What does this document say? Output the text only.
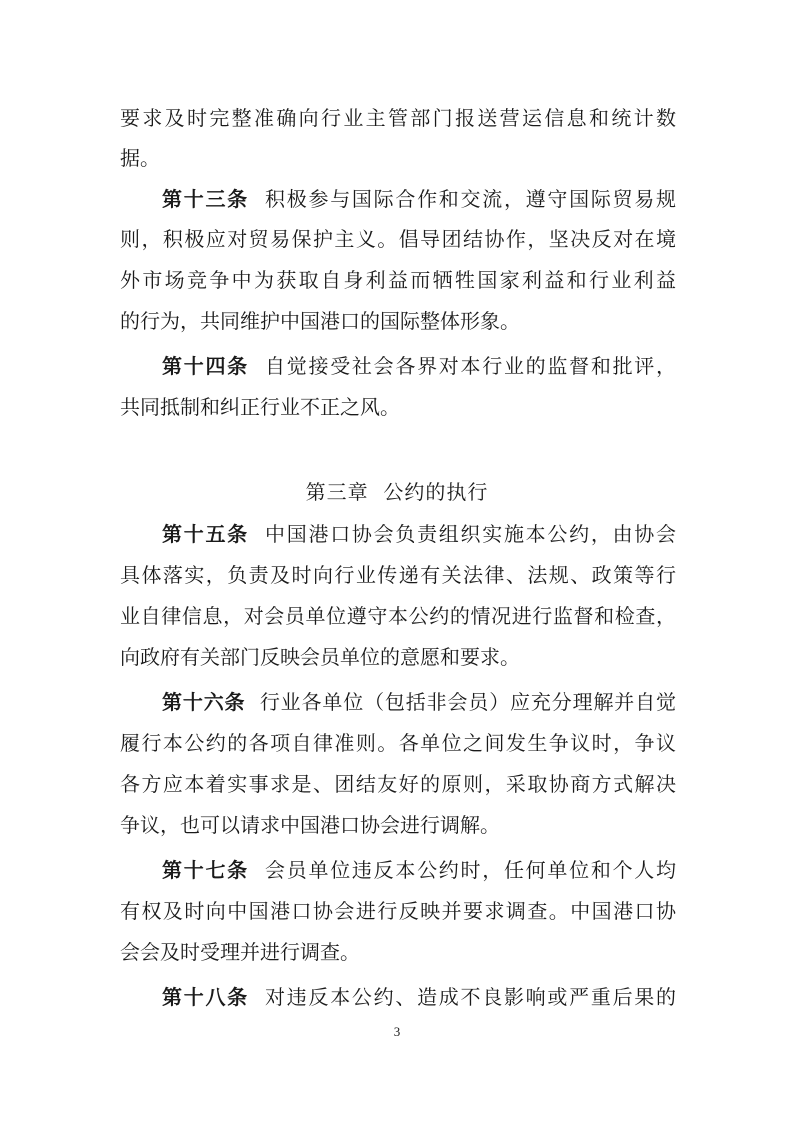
要求及时完整准确向行业主管部门报送营运信息和统计数
据。
第十三条 积极参与国际合作和交流，遵守国际贸易规
则，积极应对贸易保护主义。倡导团结协作，坚决反对在境
外市场竞争中为获取自身利益而牺牲国家利益和行业利益
的行为，共同维护中国港口的国际整体形象。
第十四条 自觉接受社会各界对本行业的监督和批评，
共同抵制和纠正行业不正之风。
第三章  公约的执行
第十五条 中国港口协会负责组织实施本公约，由协会
具体落实，负责及时向行业传递有关法律、法规、政策等行
业自律信息，对会员单位遵守本公约的情况进行监督和检查，
向政府有关部门反映会员单位的意愿和要求。
第十六条 行业各单位（包括非会员）应充分理解并自觉
履行本公约的各项自律准则。各单位之间发生争议时，争议
各方应本着实事求是、团结友好的原则，采取协商方式解决
争议，也可以请求中国港口协会进行调解。
第十七条 会员单位违反本公约时，任何单位和个人均
有权及时向中国港口协会进行反映并要求调查。中国港口协
会会及时受理并进行调查。
第十八条 对违反本公约、造成不良影响或严重后果的
3
